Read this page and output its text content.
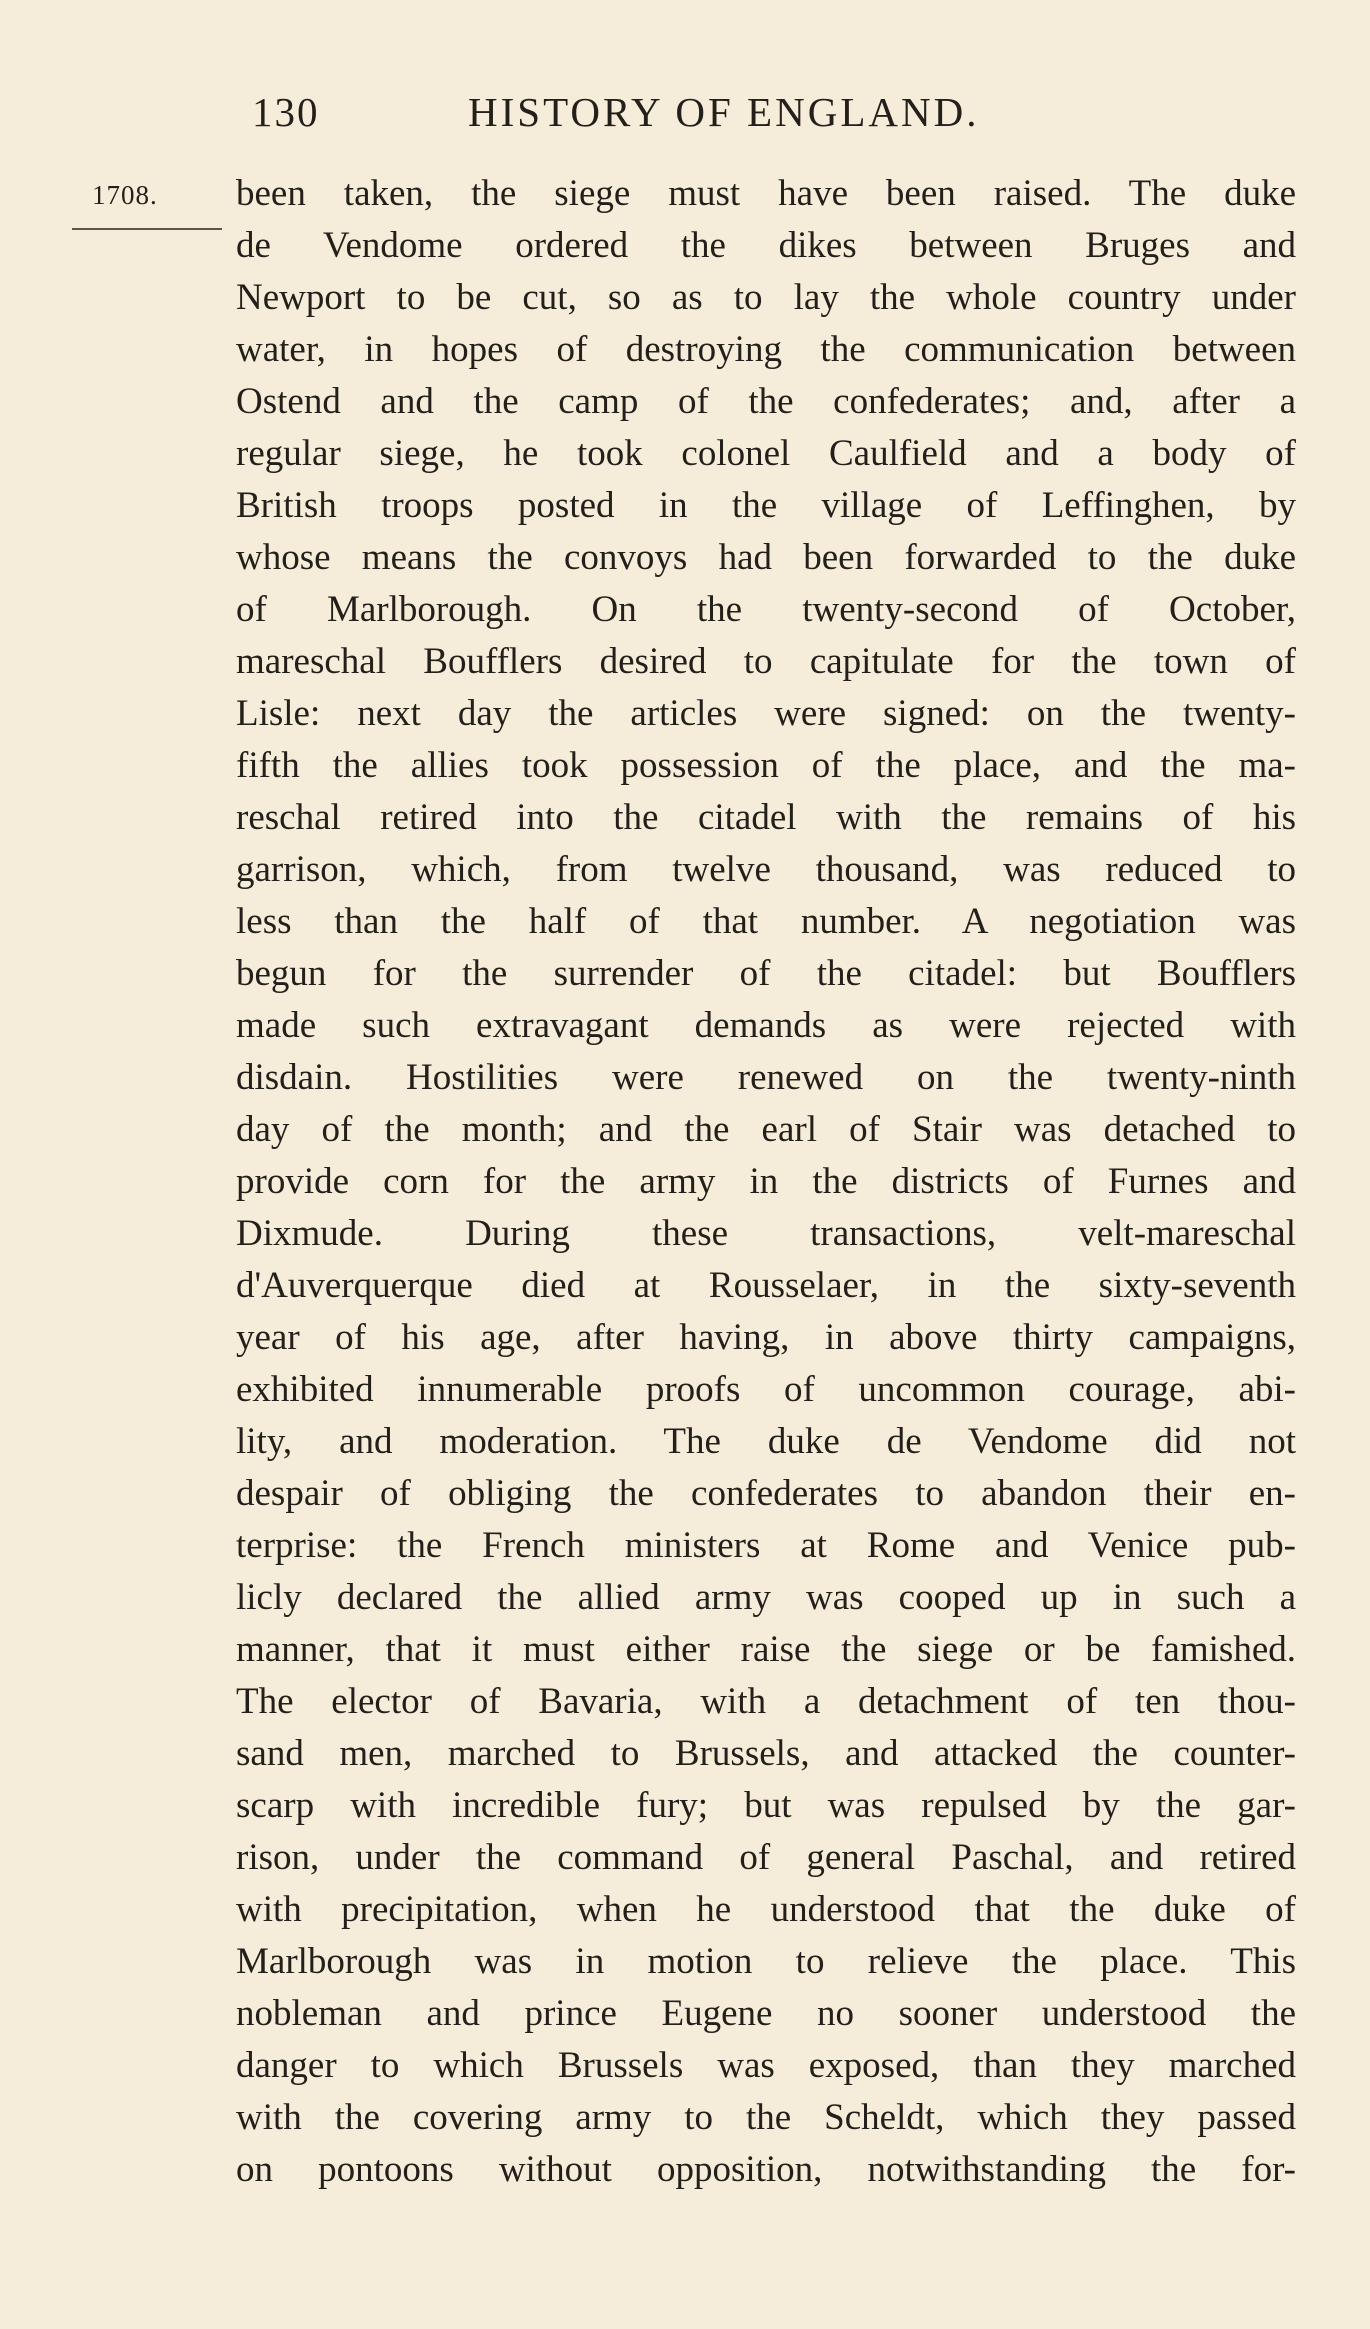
130	HISTORY OF ENGLAND.
1708. been taken, the siege must have been raised. The duke
de Vendome ordered the dikes between Bruges and
Newport to be cut, so as to lay the whole country under
water, in hopes of destroying the communication between
Ostend and the camp of the confederates; and, after a
regular siege, he took colonel Caulfield and a body of
British troops posted in the village of Leffinghen, by
whose means the convoys had been forwarded to the duke
of Marlborough. On the twenty-second of October,
mareschal Boufflers desired to capitulate for the town of
Lisle: next day the articles were signed: on the twenty-
fifth the allies took possession of the place, and the ma-
reschal retired into the citadel with the remains of his
garrison, which, from twelve thousand, was reduced to
less than the half of that number. A negotiation was
begun for the surrender of the citadel: but Boufflers
made such extravagant demands as were rejected with
disdain. Hostilities were renewed on the twenty-ninth
day of the month; and the earl of Stair was detached to
provide corn for the army in the districts of Furnes and
Dixmude. During these transactions, velt-mareschal
d'Auverquerque died at Rousselaer, in the sixty-seventh
year of his age, after having, in above thirty campaigns,
exhibited innumerable proofs of uncommon courage, abi-
lity, and moderation. The duke de Vendome did not
despair of obliging the confederates to abandon their en-
terprise: the French ministers at Rome and Venice pub-
licly declared the allied army was cooped up in such a
manner, that it must either raise the siege or be famished.
The elector of Bavaria, with a detachment of ten thou-
sand men, marched to Brussels, and attacked the counter-
scarp with incredible fury; but was repulsed by the gar-
rison, under the command of general Paschal, and retired
with precipitation, when he understood that the duke of
Marlborough was in motion to relieve the place. This
nobleman and prince Eugene no sooner understood the
danger to which Brussels was exposed, than they marched
with the covering army to the Scheldt, which they passed
on pontoons without opposition, notwithstanding the for-
